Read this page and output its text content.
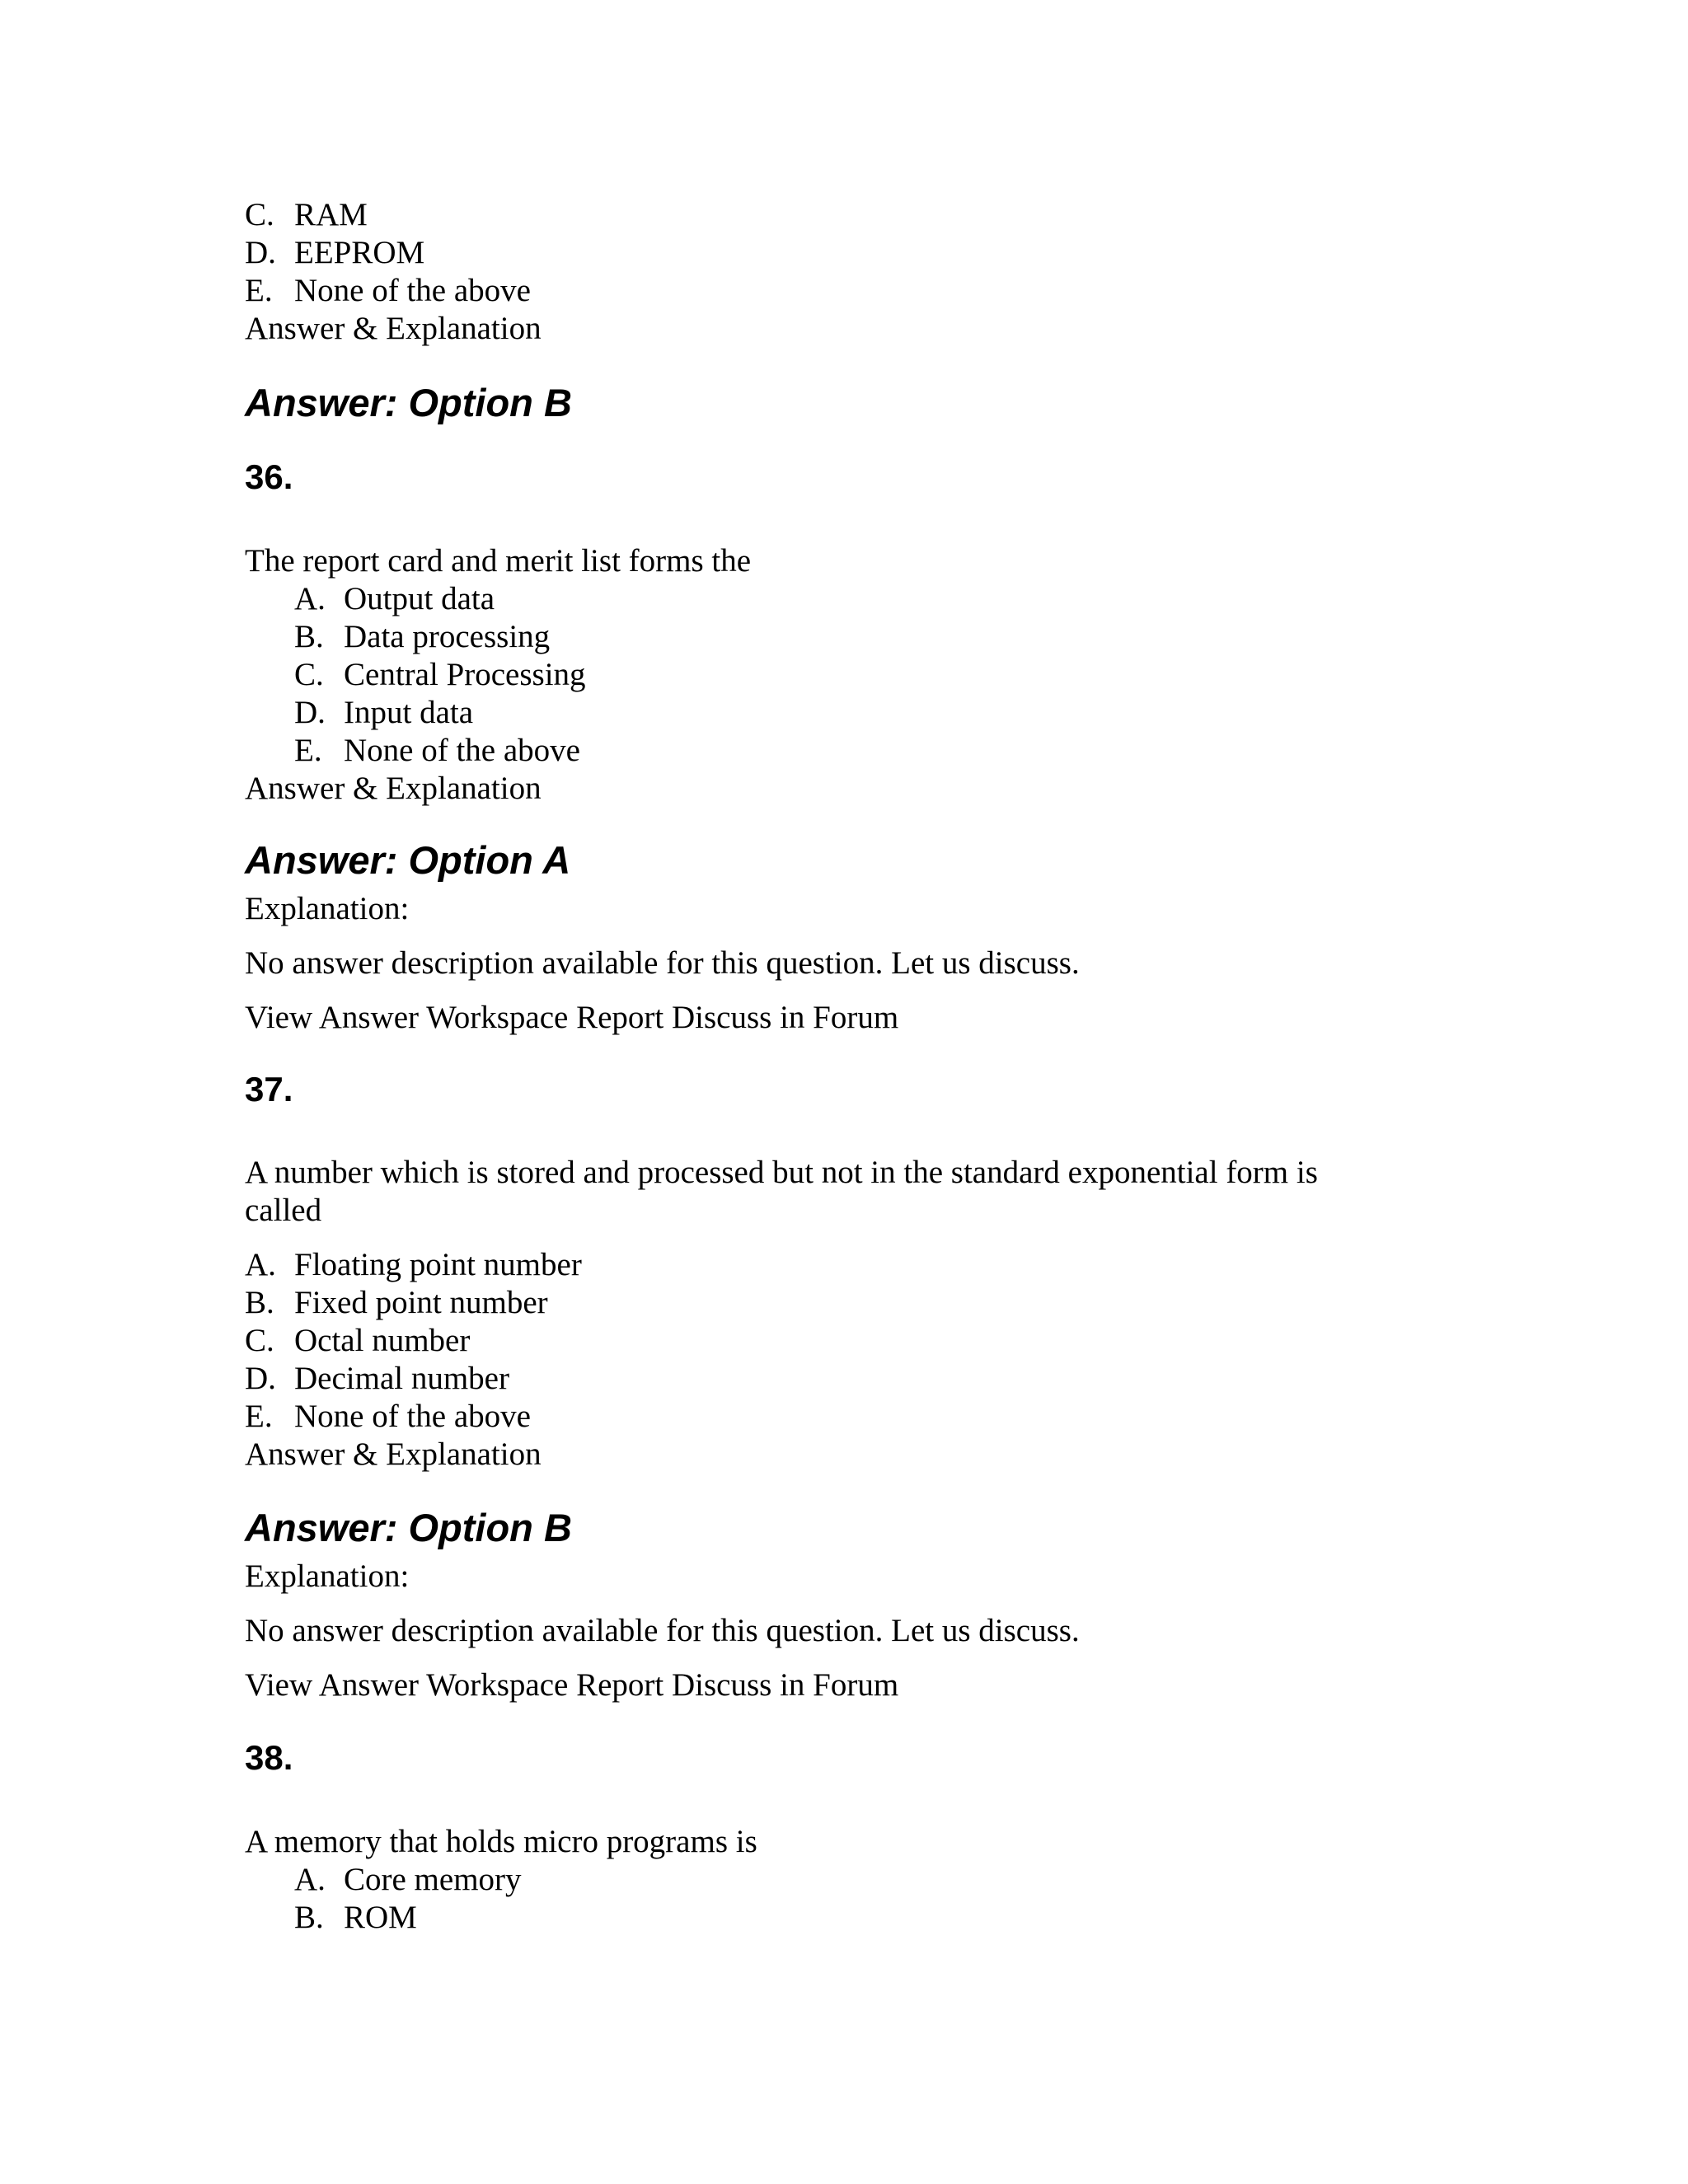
C. RAM
D. EEPROM
E. None of the above
Answer & Explanation
Answer: Option B
36.
The report card and merit list forms the
A. Output data
B. Data processing
C. Central Processing
D. Input data
E. None of the above
Answer & Explanation
Answer: Option A
Explanation:
No answer description available for this question. Let us discuss.
View Answer Workspace Report Discuss in Forum
37.
A number which is stored and processed but not in the standard exponential form is
called
A. Floating point number
B. Fixed point number
C. Octal number
D. Decimal number
E. None of the above
Answer & Explanation
Answer: Option B
Explanation:
No answer description available for this question. Let us discuss.
View Answer Workspace Report Discuss in Forum
38.
A memory that holds micro programs is
A. Core memory
B. ROM
